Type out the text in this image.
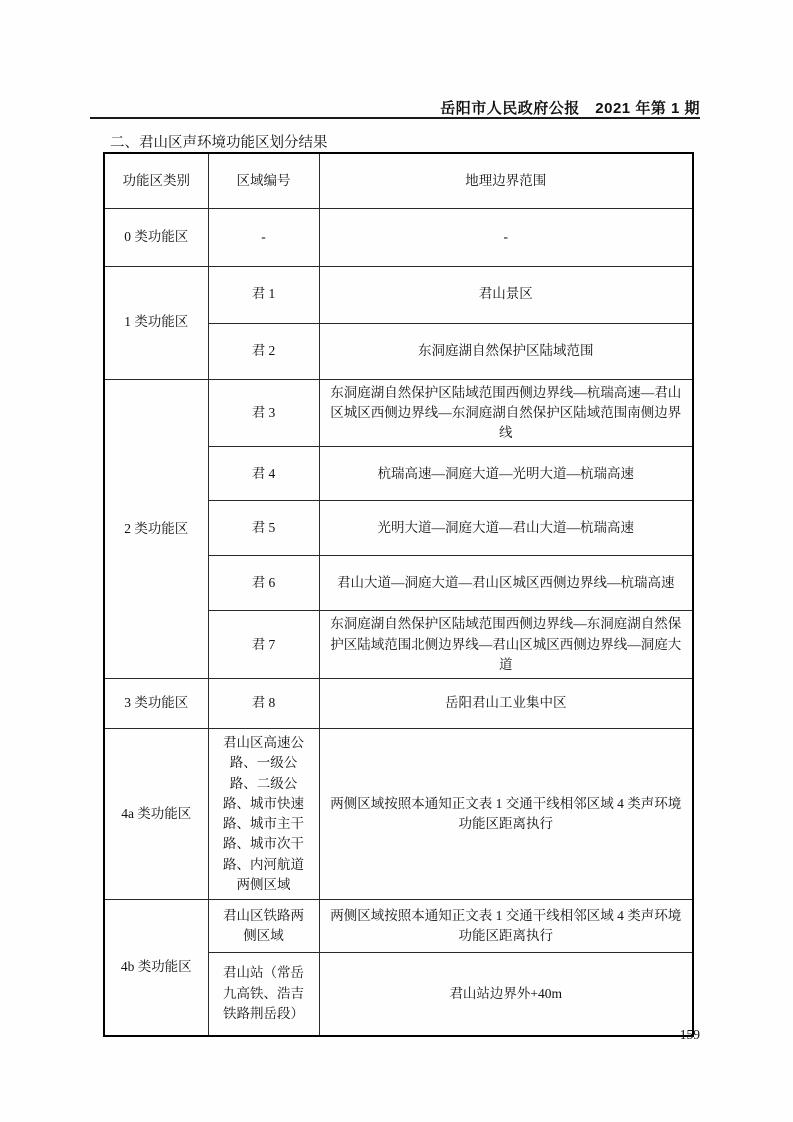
岳阳市人民政府公报　2021 年第 1 期
二、君山区声环境功能区划分结果
功能区类别	区域编号	地理边界范围
0 类功能区	-	-
1 类功能区	君 1	君山景区
	君 2	东洞庭湖自然保护区陆域范围
2 类功能区	君 3	东洞庭湖自然保护区陆域范围西侧边界线—杭瑞高速—君山区城区西侧边界线—东洞庭湖自然保护区陆域范围南侧边界线
	君 4	杭瑞高速—洞庭大道—光明大道—杭瑞高速
	君 5	光明大道—洞庭大道—君山大道—杭瑞高速
	君 6	君山大道—洞庭大道—君山区城区西侧边界线—杭瑞高速
	君 7	东洞庭湖自然保护区陆域范围西侧边界线—东洞庭湖自然保护区陆域范围北侧边界线—君山区城区西侧边界线—洞庭大道
3 类功能区	君 8	岳阳君山工业集中区
4a 类功能区	君山区高速公路、一级公路、二级公路、城市快速路、城市主干路、城市次干路、内河航道两侧区域	两侧区域按照本通知正文表 1 交通干线相邻区域 4 类声环境功能区距离执行
4b 类功能区	君山区铁路两侧区域	两侧区域按照本通知正文表 1 交通干线相邻区域 4 类声环境功能区距离执行
	君山站（常岳九高铁、浩吉铁路荆岳段）	君山站边界外+40m
159
